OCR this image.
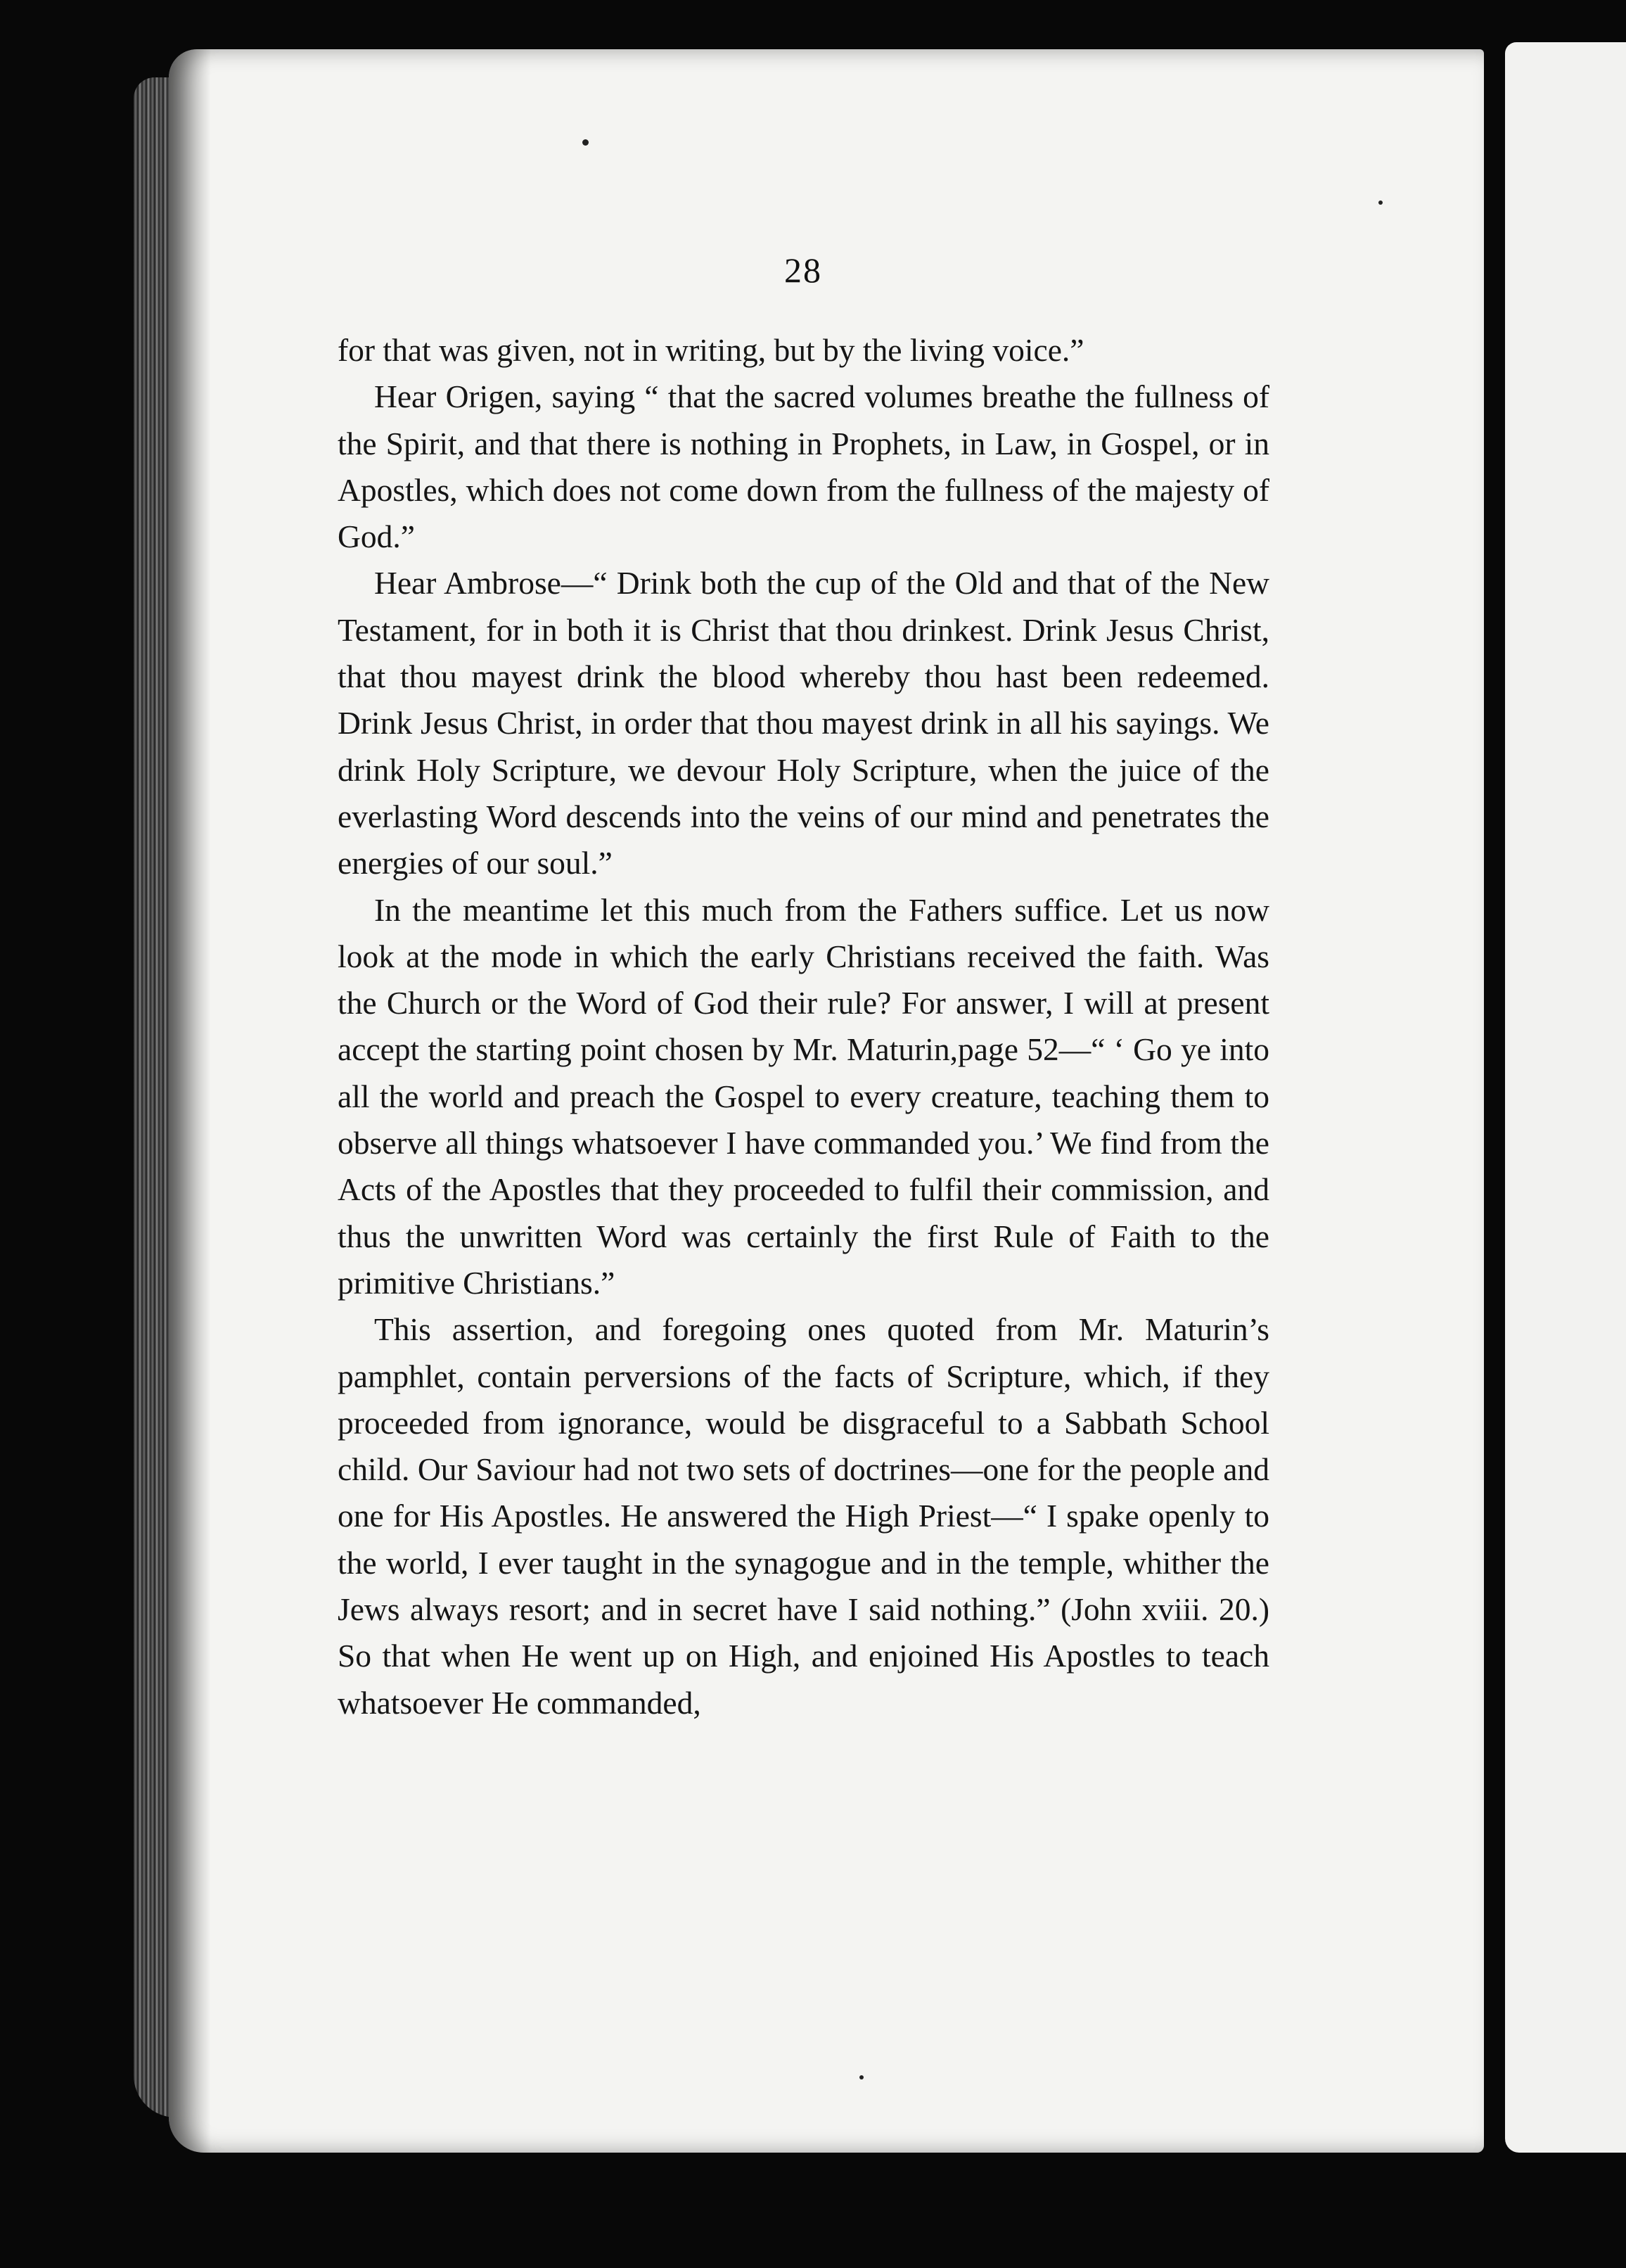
28

for that was given, not in writing, but by the living voice.”

Hear Origen, saying “ that the sacred volumes breathe the fullness of the Spirit, and that there is nothing in Prophets, in Law, in Gospel, or in Apostles, which does not come down from the fullness of the majesty of God.”

Hear Ambrose—“ Drink both the cup of the Old and that of the New Testament, for in both it is Christ that thou drinkest. Drink Jesus Christ, that thou mayest drink the blood whereby thou hast been redeemed. Drink Jesus Christ, in order that thou mayest drink in all his sayings. We drink Holy Scripture, we devour Holy Scripture, when the juice of the everlasting Word descends into the veins of our mind and penetrates the energies of our soul.”

In the meantime let this much from the Fathers suffice. Let us now look at the mode in which the early Christians received the faith. Was the Church or the Word of God their rule? For answer, I will at present accept the starting point chosen by Mr. Maturin,page 52—“ ‘ Go ye into all the world and preach the Gospel to every creature, teaching them to observe all things whatsoever I have commanded you.’ We find from the Acts of the Apostles that they proceeded to fulfil their commission, and thus the unwritten Word was certainly the first Rule of Faith to the primitive Christians.”

This assertion, and foregoing ones quoted from Mr. Maturin’s pamphlet, contain perversions of the facts of Scripture, which, if they proceeded from ignorance, would be disgraceful to a Sabbath School child. Our Saviour had not two sets of doctrines—one for the people and one for His Apostles. He answered the High Priest—“ I spake openly to the world, I ever taught in the synagogue and in the temple, whither the Jews always resort; and in secret have I said nothing.” (John xviii. 20.) So that when He went up on High, and enjoined His Apostles to teach whatsoever He commanded,
